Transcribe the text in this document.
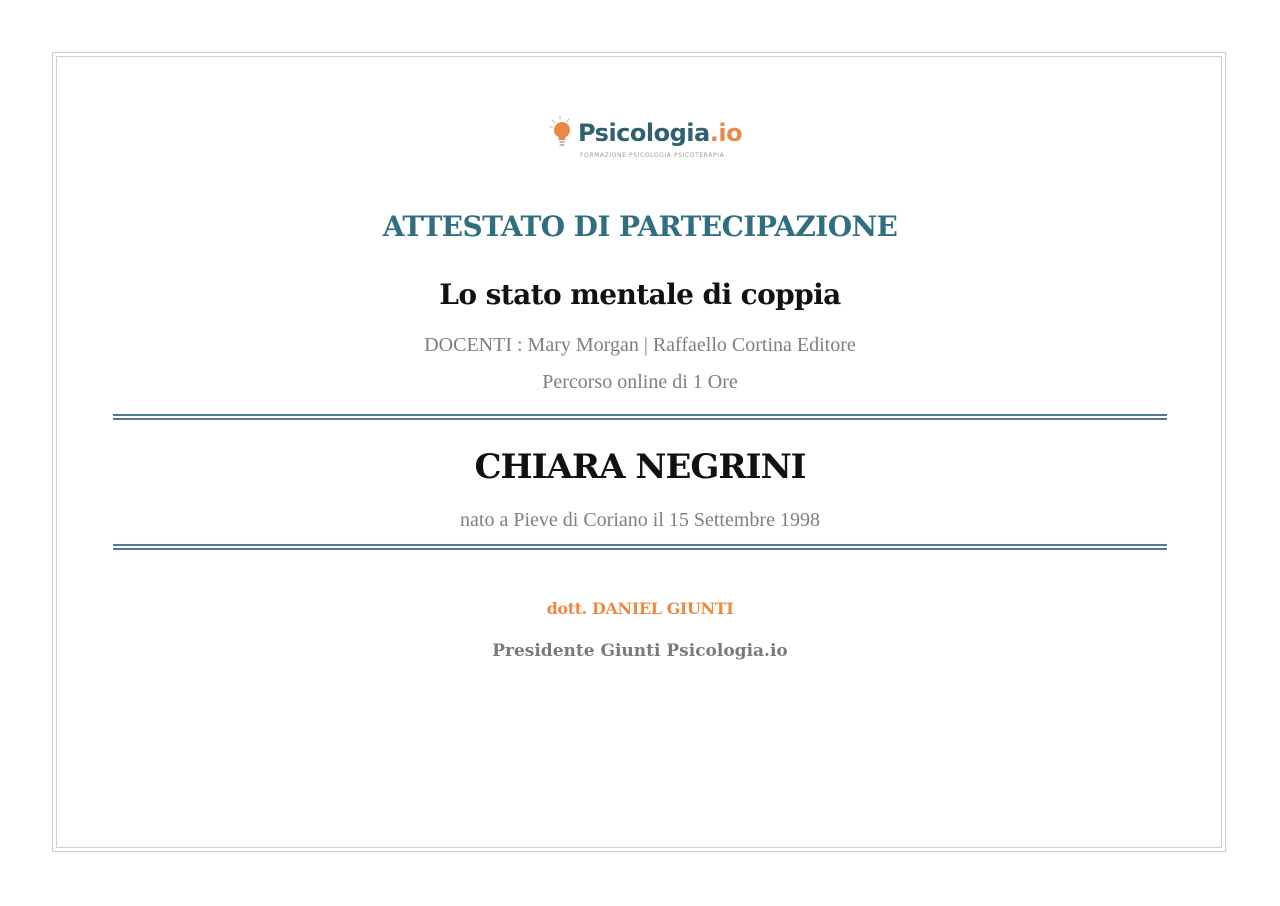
Psicologia.io
FORMAZIONE PSICOLOGIA PSICOTERAPIA
ATTESTATO DI PARTECIPAZIONE
Lo stato mentale di coppia
DOCENTI : Mary Morgan | Raffaello Cortina Editore
Percorso online di 1 Ore
CHIARA NEGRINI
nato a Pieve di Coriano il 15 Settembre 1998
dott. DANIEL GIUNTI
Presidente Giunti Psicologia.io
